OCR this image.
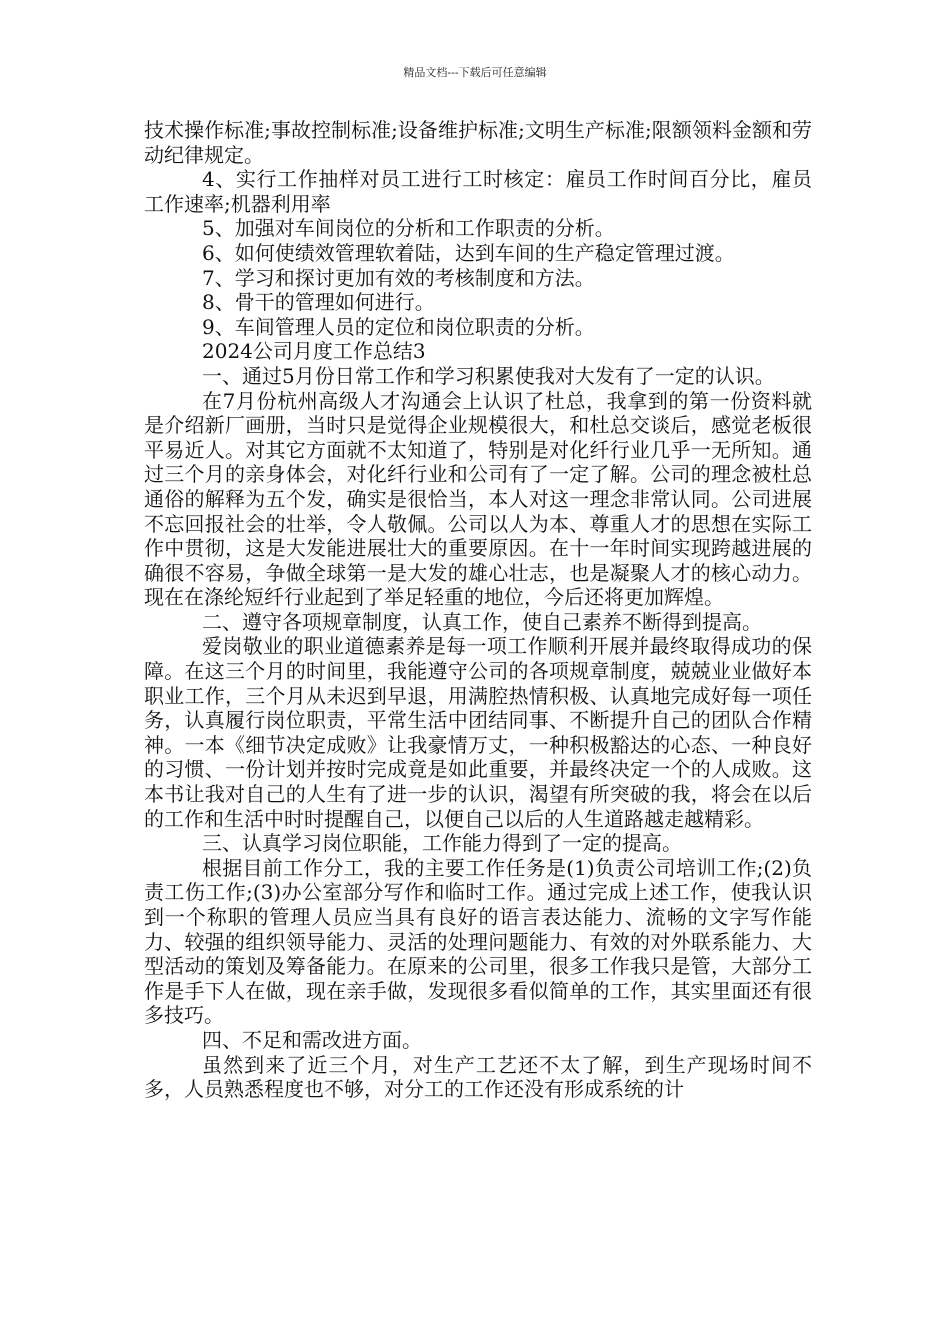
精品文档---下载后可任意编辑

技术操作标准;事故控制标准;设备维护标准;文明生产标准;限额领料金额和劳动纪律规定。

4、实行工作抽样对员工进行工时核定：雇员工作时间百分比，雇员工作速率;机器利用率

5、加强对车间岗位的分析和工作职责的分析。

6、如何使绩效管理软着陆，达到车间的生产稳定管理过渡。

7、学习和探讨更加有效的考核制度和方法。

8、骨干的管理如何进行。

9、车间管理人员的定位和岗位职责的分析。

2024公司月度工作总结3

一、通过5月份日常工作和学习积累使我对大发有了一定的认识。

在7月份杭州高级人才沟通会上认识了杜总，我拿到的第一份资料就是介绍新厂画册，当时只是觉得企业规模很大，和杜总交谈后，感觉老板很平易近人。对其它方面就不太知道了，特别是对化纤行业几乎一无所知。通过三个月的亲身体会，对化纤行业和公司有了一定了解。公司的理念被杜总通俗的解释为五个发，确实是很恰当，本人对这一理念非常认同。公司进展不忘回报社会的壮举，令人敬佩。公司以人为本、尊重人才的思想在实际工作中贯彻，这是大发能进展壮大的重要原因。在十一年时间实现跨越进展的确很不容易，争做全球第一是大发的雄心壮志，也是凝聚人才的核心动力。现在在涤纶短纤行业起到了举足轻重的地位，今后还将更加辉煌。

二、遵守各项规章制度，认真工作，使自己素养不断得到提高。

爱岗敬业的职业道德素养是每一项工作顺利开展并最终取得成功的保障。在这三个月的时间里，我能遵守公司的各项规章制度，兢兢业业做好本职业工作，三个月从未迟到早退，用满腔热情积极、认真地完成好每一项任务，认真履行岗位职责，平常生活中团结同事、不断提升自己的团队合作精神。一本《细节决定成败》让我豪情万丈，一种积极豁达的心态、一种良好的习惯、一份计划并按时完成竟是如此重要，并最终决定一个的人成败。这本书让我对自己的人生有了进一步的认识，渴望有所突破的我，将会在以后的工作和生活中时时提醒自己，以便自己以后的人生道路越走越精彩。

三、认真学习岗位职能，工作能力得到了一定的提高。

根据目前工作分工，我的主要工作任务是(1)负责公司培训工作;(2)负责工伤工作;(3)办公室部分写作和临时工作。通过完成上述工作，使我认识到一个称职的管理人员应当具有良好的语言表达能力、流畅的文字写作能力、较强的组织领导能力、灵活的处理问题能力、有效的对外联系能力、大型活动的策划及筹备能力。在原来的公司里，很多工作我只是管，大部分工作是手下人在做，现在亲手做，发现很多看似简单的工作，其实里面还有很多技巧。

四、不足和需改进方面。

虽然到来了近三个月，对生产工艺还不太了解，到生产现场时间不多，人员熟悉程度也不够，对分工的工作还没有形成系统的计
